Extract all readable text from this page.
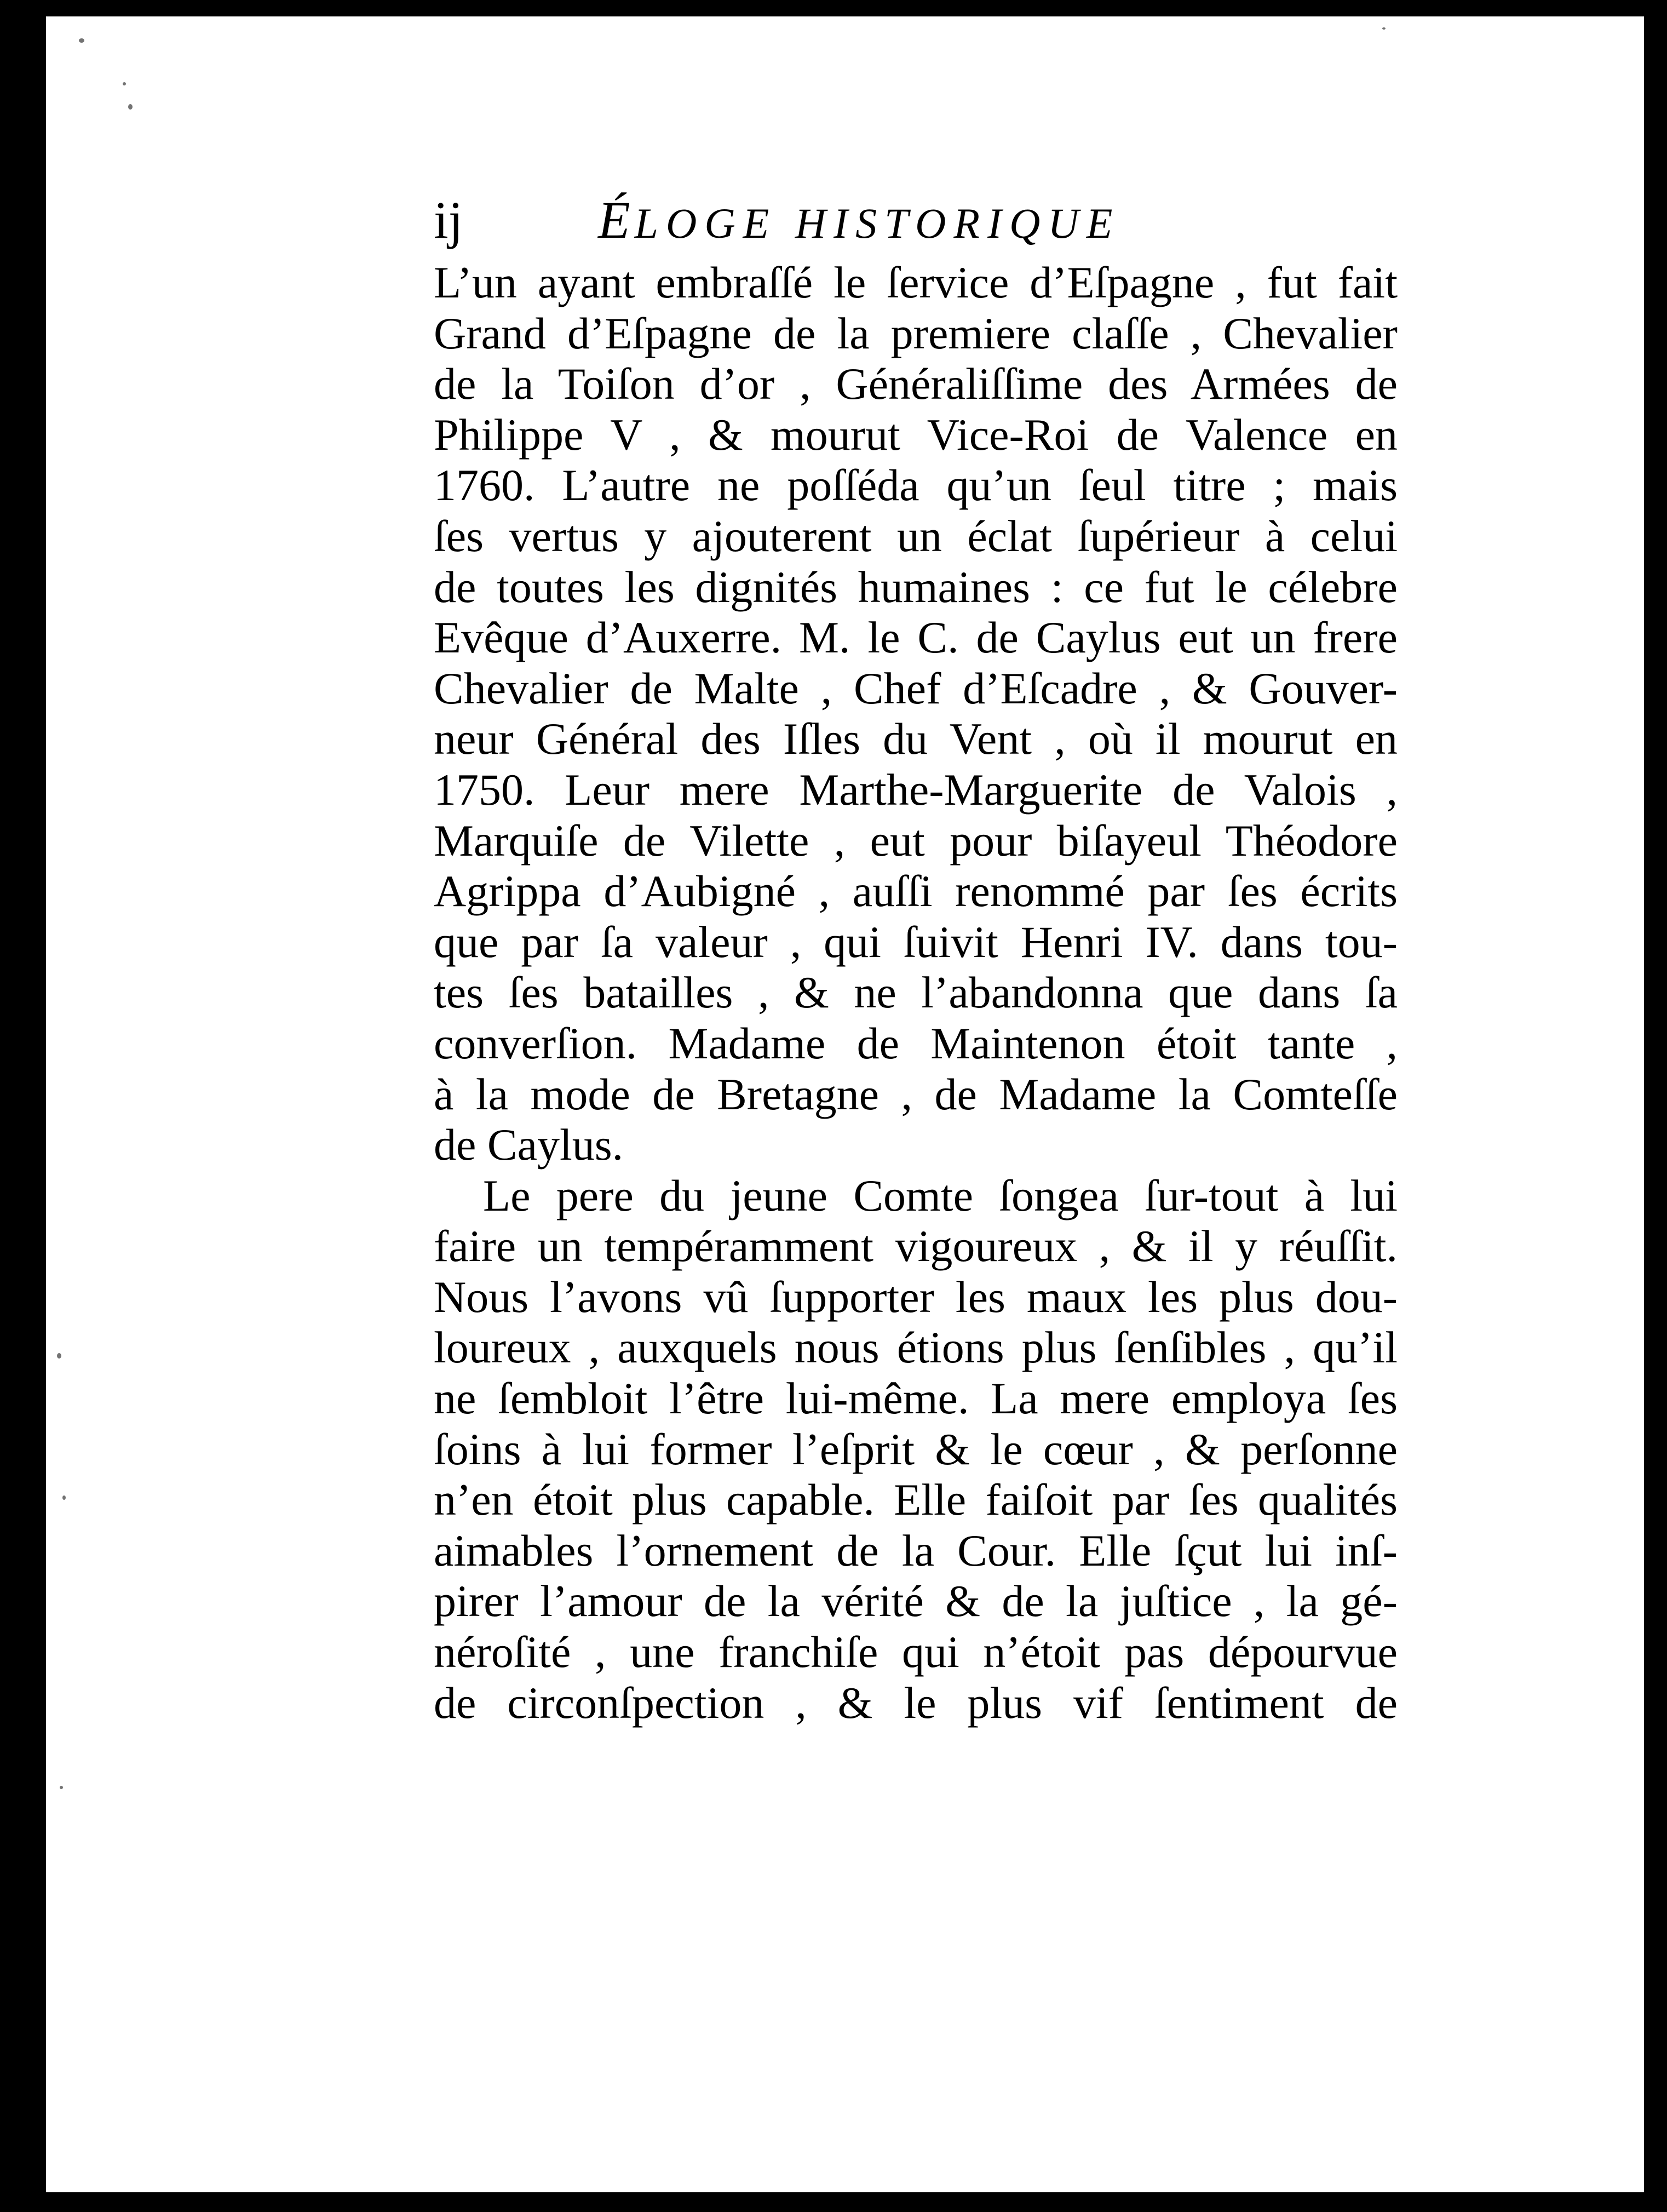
ij	ÉLOGE HISTORIQUE
L’un ayant embraſſé le ſervice d’Eſpagne , fut fait
Grand d’Eſpagne de la premiere claſſe , Chevalier
de la Toiſon d’or , Généraliſſime des Armées de
Philippe V , & mourut Vice-Roi de Valence en
1760. L’autre ne poſſéda qu’un ſeul titre ; mais
ſes vertus y ajouterent un éclat ſupérieur à celui
de toutes les dignités humaines : ce fut le célebre
Evêque d’Auxerre. M. le C. de Caylus eut un frere
Chevalier de Malte , Chef d’Eſcadre , & Gouver-
neur Général des Iſles du Vent , où il mourut en
1750. Leur mere Marthe-Marguerite de Valois ,
Marquiſe de Vilette , eut pour biſayeul Théodore
Agrippa d’Aubigné , auſſi renommé par ſes écrits
que par ſa valeur , qui ſuivit Henri IV. dans tou-
tes ſes batailles , & ne l’abandonna que dans ſa
converſion. Madame de Maintenon étoit tante ,
à la mode de Bretagne , de Madame la Comteſſe
de Caylus.
Le pere du jeune Comte ſongea ſur-tout à lui
faire un tempéramment vigoureux , & il y réuſſit.
Nous l’avons vû ſupporter les maux les plus dou-
loureux , auxquels nous étions plus ſenſibles , qu’il
ne ſembloit l’être lui-même. La mere employa ſes
ſoins à lui former l’eſprit & le cœur , & perſonne
n’en étoit plus capable. Elle faiſoit par ſes qualités
aimables l’ornement de la Cour. Elle ſçut lui inſ-
pirer l’amour de la vérité & de la juſtice , la gé-
néroſité , une franchiſe qui n’étoit pas dépourvue
de circonſpection , & le plus vif ſentiment de
